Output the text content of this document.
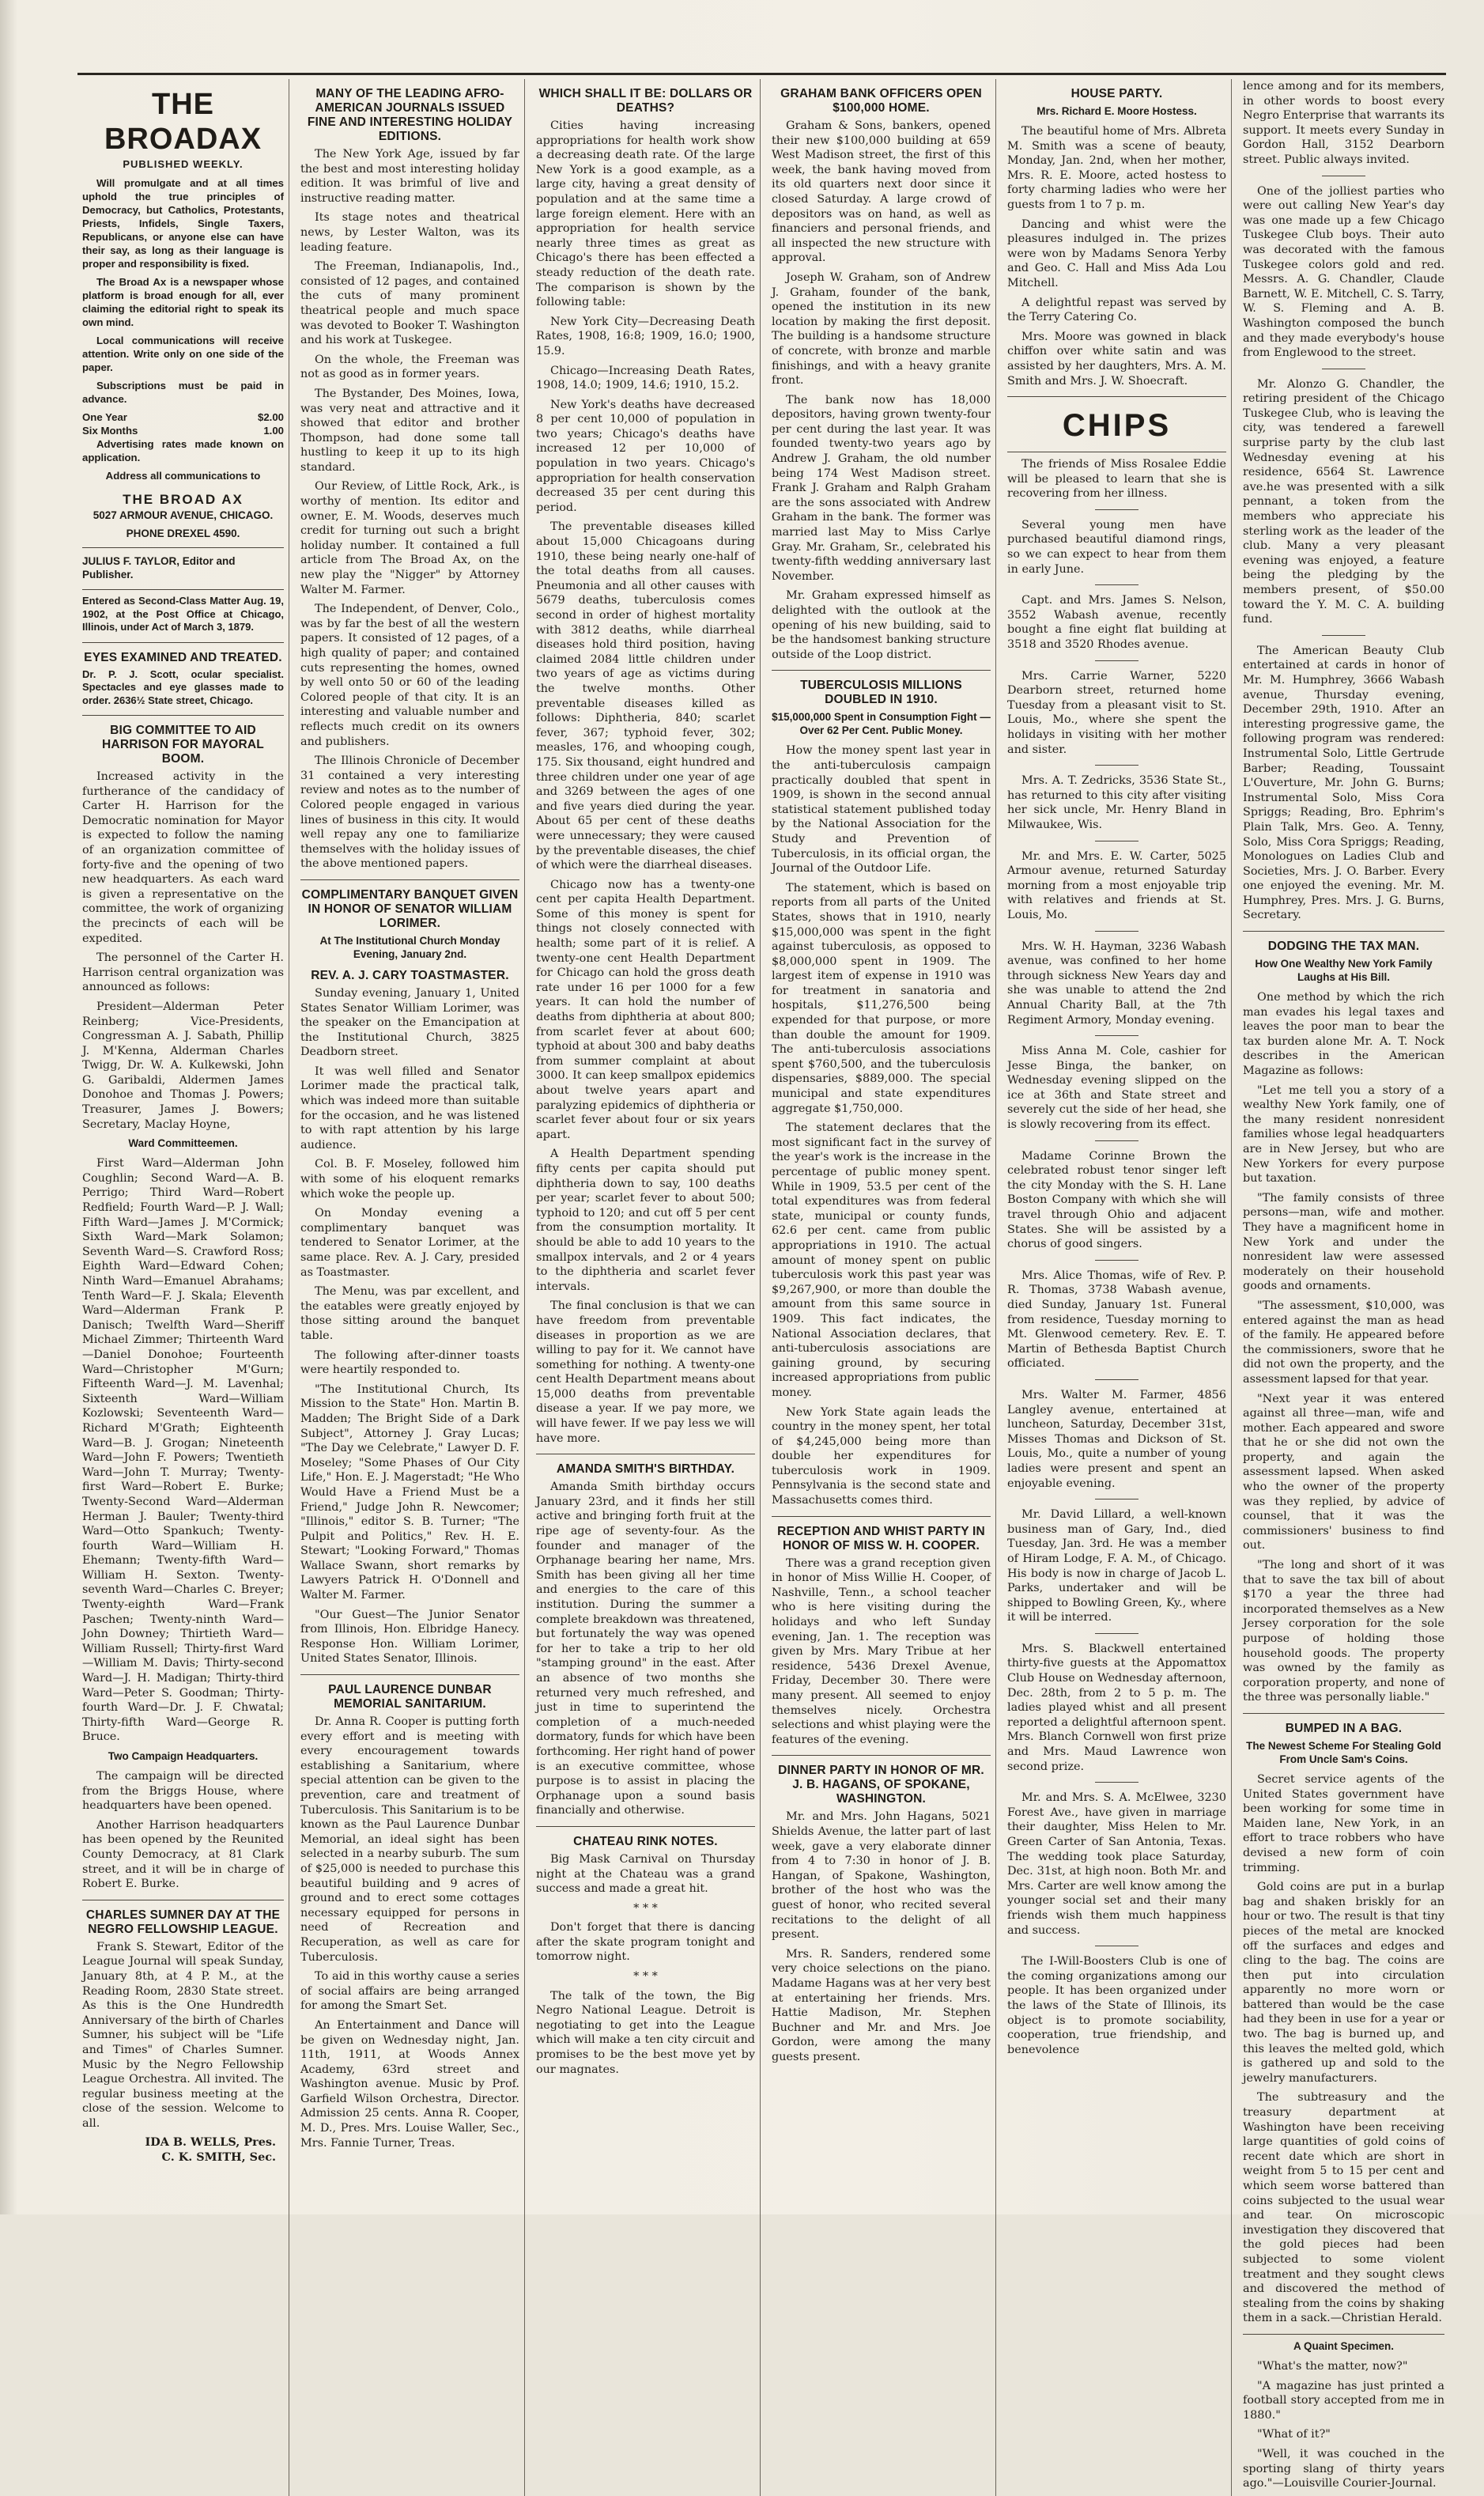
THE BROADAX
PUBLISHED WEEKLY.

Will promulgate and at all times uphold the true principles of Democracy, but Catholics, Protestants, Priests, Infidels, Single Taxers, Republicans, or anyone else can have their say, as long as their language is proper and responsibility is fixed.

The Broad Ax is a newspaper whose platform is broad enough for all, ever claiming the editorial right to speak its own mind.

Local communications will receive attention. Write only on one side of the paper.

Subscriptions must be paid in advance.

One Year	$2.00
Six Months	1.00

Advertising rates made known on application.

Address all communications to

THE BROAD AX
5027 ARMOUR AVENUE, CHICAGO.
PHONE DREXEL 4590.
JULIUS F. TAYLOR, Editor and Publisher.
Entered as Second-Class Matter Aug. 19, 1902, at the Post Office at Chicago, Illinois, under Act of March 3, 1879.
EYES EXAMINED AND TREATED.
Dr. P. J. Scott, ocular specialist. Spectacles and eye glasses made to order. 2636½ State street, Chicago.
BIG COMMITTEE TO AID HARRISON FOR MAYORAL BOOM.

Increased activity in the furtherance of the candidacy of Carter H. Harrison for the Democratic nomination for Mayor is expected to follow the naming of an organization committee of forty-five and the opening of two new headquarters. As each ward is given a representative on the committee, the work of organizing the precincts of each will be expedited.

The personnel of the Carter H. Harrison central organization was announced as follows:

President—Alderman Peter Reinberg; Vice-Presidents, Congressman A. J. Sabath, Phillip J. M'Kenna, Alderman Charles Twigg, Dr. W. A. Kulkewski, John G. Garibaldi, Aldermen James Donohoe and Thomas J. Powers; Treasurer, James J. Bowers; Secretary, Maclay Hoyne,

Ward Committeemen.

First Ward—Alderman John Coughlin; Second Ward—A. B. Perrigo; Third Ward—Robert Redfield; Fourth Ward—P. J. Wall; Fifth Ward—James J. M'Cormick; Sixth Ward—Mark Solamon; Seventh Ward—S. Crawford Ross; Eighth Ward—Edward Cohen; Ninth Ward—Emanuel Abrahams; Tenth Ward—F. J. Skala; Eleventh Ward—Alderman Frank P. Danisch; Twelfth Ward—Sheriff Michael Zimmer; Thirteenth Ward—Daniel Donohoe; Fourteenth Ward—Christopher M'Gurn; Fifteenth Ward—J. M. Lavenhal; Sixteenth Ward—William Kozlowski; Seventeenth Ward—Richard M'Grath; Eighteenth Ward—B. J. Grogan; Nineteenth Ward—John F. Powers; Twentieth Ward—John T. Murray; Twenty-first Ward—Robert E. Burke; Twenty-Second Ward—Alderman Herman J. Bauler; Twenty-third Ward—Otto Spankuch; Twenty-fourth Ward—William H. Ehemann; Twenty-fifth Ward—William H. Sexton. Twenty-seventh Ward—Charles C. Breyer; Twenty-eighth Ward—Frank Paschen; Twenty-ninth Ward—John Downey; Thirtieth Ward—William Russell; Thirty-first Ward—William M. Davis; Thirty-second Ward—J. H. Madigan; Thirty-third Ward—Peter S. Goodman; Thirty-fourth Ward—Dr. J. F. Chwatal; Thirty-fifth Ward—George R. Bruce.

Two Campaign Headquarters.

The campaign will be directed from the Briggs House, where headquarters have been opened.

Another Harrison headquarters has been opened by the Reunited County Democracy, at 81 Clark street, and it will be in charge of Robert E. Burke.

CHARLES SUMNER DAY AT THE NEGRO FELLOWSHIP LEAGUE.

Frank S. Stewart, Editor of the League Journal will speak Sunday, January 8th, at 4 P. M., at the Reading Room, 2830 State street. As this is the One Hundredth Anniversary of the birth of Charles Sumner, his subject will be "Life and Times" of Charles Sumner. Music by the Negro Fellowship League Orchestra. All invited. The regular business meeting at the close of the session. Welcome to all.

IDA B. WELLS, Pres.
C. K. SMITH, Sec.
MANY OF THE LEADING AFRO-AMERICAN JOURNALS ISSUED FINE AND INTERESTING HOLIDAY EDITIONS.

The New York Age, issued by far the best and most interesting holiday edition. It was brimful of live and instructive reading matter.

Its stage notes and theatrical news, by Lester Walton, was its leading feature.

The Freeman, Indianapolis, Ind., consisted of 12 pages, and contained the cuts of many prominent theatrical people and much space was devoted to Booker T. Washington and his work at Tuskegee.

On the whole, the Freeman was not as good as in former years.

The Bystander, Des Moines, Iowa, was very neat and attractive and it showed that editor and brother Thompson, had done some tall hustling to keep it up to its high standard.

Our Review, of Little Rock, Ark., is worthy of mention. Its editor and owner, E. M. Woods, deserves much credit for turning out such a bright holiday number. It contained a full article from The Broad Ax, on the new play the "Nigger" by Attorney Walter M. Farmer.

The Independent, of Denver, Colo., was by far the best of all the western papers. It consisted of 12 pages, of a high quality of paper; and contained cuts representing the homes, owned by well onto 50 or 60 of the leading Colored people of that city. It is an interesting and valuable number and reflects much credit on its owners and publishers.

The Illinois Chronicle of December 31 contained a very interesting review and notes as to the number of Colored people engaged in various lines of business in this city. It would well repay any one to familiarize themselves with the holiday issues of the above mentioned papers.

COMPLIMENTARY BANQUET GIVEN IN HONOR OF SENATOR WILLIAM LORIMER.
At The Institutional Church Monday Evening, January 2nd.
REV. A. J. CARY TOASTMASTER.

Sunday evening, January 1, United States Senator William Lorimer, was the speaker on the Emancipation at the Institutional Church, 3825 Deadborn street.

It was well filled and Senator Lorimer made the practical talk, which was indeed more than suitable for the occasion, and he was listened to with rapt attention by his large audience.

Col. B. F. Moseley, followed him with some of his eloquent remarks which woke the people up.

On Monday evening a complimentary banquet was tendered to Senator Lorimer, at the same place. Rev. A. J. Cary, presided as Toastmaster.

The Menu, was par excellent, and the eatables were greatly enjoyed by those sitting around the banquet table.

The following after-dinner toasts were heartily responded to.

"The Institutional Church, Its Mission to the State" Hon. Martin B. Madden; The Bright Side of a Dark Subject", Attorney J. Gray Lucas; "The Day we Celebrate," Lawyer D. F. Moseley; "Some Phases of Our City Life," Hon. E. J. Magerstadt; "He Who Would Have a Friend Must be a Friend," Judge John R. Newcomer; "Illinois," editor S. B. Turner; "The Pulpit and Politics," Rev. H. E. Stewart; "Looking Forward," Thomas Wallace Swann, short remarks by Lawyers Patrick H. O'Donnell and Walter M. Farmer.

"Our Guest—The Junior Senator from Illinois, Hon. Elbridge Hanecy. Response Hon. William Lorimer, United States Senator, Illinois.

PAUL LAURENCE DUNBAR MEMORIAL SANITARIUM.

Dr. Anna R. Cooper is putting forth every effort and is meeting with every encouragement towards establishing a Sanitarium, where special attention can be given to the prevention, care and treatment of Tuberculosis. This Sanitarium is to be known as the Paul Laurence Dunbar Memorial, an ideal sight has been selected in a nearby suburb. The sum of $25,000 is needed to purchase this beautiful building and 9 acres of ground and to erect some cottages necessary equipped for persons in need of Recreation and Recuperation, as well as care for Tuberculosis.

To aid in this worthy cause a series of social affairs are being arranged for among the Smart Set.

An Entertainment and Dance will be given on Wednesday night, Jan. 11th, 1911, at Woods Annex Academy, 63rd street and Washington avenue. Music by Prof. Garfield Wilson Orchestra, Director. Admission 25 cents. Anna R. Cooper, M. D., Pres. Mrs. Louise Waller, Sec., Mrs. Fannie Turner, Treas.

WHICH SHALL IT BE: DOLLARS OR DEATHS?

Cities having increasing appropriations for health work show a decreasing death rate. Of the large New York is a good example, as a large city, having a great density of population and at the same time a large foreign element. Here with an appropriation for health service nearly three times as great as Chicago's there has been effected a steady reduction of the death rate. The comparison is shown by the following table:

New York City—Decreasing Death Rates, 1908, 16:8; 1909, 16.0; 1900, 15.9.

Chicago—Increasing Death Rates, 1908, 14.0; 1909, 14.6; 1910, 15.2.

New York's deaths have decreased 8 per cent 10,000 of population in two years; Chicago's deaths have increased 12 per 10,000 of population in two years. Chicago's appropriation for health conservation decreased 35 per cent during this period.

The preventable diseases killed about 15,000 Chicagoans during 1910, these being nearly one-half of the total deaths from all causes. Pneumonia and all other causes with 5679 deaths, tuberculosis comes second in order of highest mortality with 3812 deaths, while diarrheal diseases hold third position, having claimed 2084 little children under two years of age as victims during the twelve months. Other preventable diseases killed as follows: Diphtheria, 840; scarlet fever, 367; typhoid fever, 302; measles, 176, and whooping cough, 175. Six thousand, eight hundred and three children under one year of age and 3269 between the ages of one and five years died during the year. About 65 per cent of these deaths were unnecessary; they were caused by the preventable diseases, the chief of which were the diarrheal diseases.

Chicago now has a twenty-one cent per capita Health Department. Some of this money is spent for things not closely connected with health; some part of it is relief. A twenty-one cent Health Department for Chicago can hold the gross death rate under 16 per 1000 for a few years. It can hold the number of deaths from diphtheria at about 800; from scarlet fever at about 600; typhoid at about 300 and baby deaths from summer complaint at about 3000. It can keep smallpox epidemics about twelve years apart and paralyzing epidemics of diphtheria or scarlet fever about four or six years apart.

A Health Department spending fifty cents per capita should put diphtheria down to say, 100 deaths per year; scarlet fever to about 500; typhoid to 120; and cut off 5 per cent from the consumption mortality. It should be able to add 10 years to the smallpox intervals, and 2 or 4 years to the diphtheria and scarlet fever intervals.

The final conclusion is that we can have freedom from preventable diseases in proportion as we are willing to pay for it. We cannot have something for nothing. A twenty-one cent Health Department means about 15,000 deaths from preventable disease a year. If we pay more, we will have fewer. If we pay less we will have more.

AMANDA SMITH'S BIRTHDAY.

Amanda Smith birthday occurs January 23rd, and it finds her still active and bringing forth fruit at the ripe age of seventy-four. As the founder and manager of the Orphanage bearing her name, Mrs. Smith has been giving all her time and energies to the care of this institution. During the summer a complete breakdown was threatened, but fortunately the way was opened for her to take a trip to her old "stamping ground" in the east. After an absence of two months she returned very much refreshed, and just in time to superintend the completion of a much-needed dormatory, funds for which have been forthcoming. Her right hand of power is an executive committee, whose purpose is to assist in placing the Orphanage upon a sound basis financially and otherwise.

CHATEAU RINK NOTES.

Big Mask Carnival on Thursday night at the Chateau was a grand success and made a great hit.

* * *

Don't forget that there is dancing after the skate program tonight and tomorrow night.

* * *

The talk of the town, the Big Negro National League. Detroit is negotiating to get into the League which will make a ten city circuit and promises to be the best move yet by our magnates.

GRAHAM BANK OFFICERS OPEN $100,000 HOME.

Graham & Sons, bankers, opened their new $100,000 building at 659 West Madison street, the first of this week, the bank having moved from its old quarters next door since it closed Saturday. A large crowd of depositors was on hand, as well as financiers and personal friends, and all inspected the new structure with approval.

Joseph W. Graham, son of Andrew J. Graham, founder of the bank, opened the institution in its new location by making the first deposit. The building is a handsome structure of concrete, with bronze and marble finishings, and with a heavy granite front.

The bank now has 18,000 depositors, having grown twenty-four per cent during the last year. It was founded twenty-two years ago by Andrew J. Graham, the old number being 174 West Madison street. Frank J. Graham and Ralph Graham are the sons associated with Andrew Graham in the bank. The former was married last May to Miss Carlye Gray. Mr. Graham, Sr., celebrated his twenty-fifth wedding anniversary last November.

Mr. Graham expressed himself as delighted with the outlook at the opening of his new building, said to be the handsomest banking structure outside of the Loop district.

TUBERCULOSIS MILLIONS DOUBLED IN 1910.
$15,000,000 Spent in Consumption Fight —Over 62 Per Cent. Public Money.

How the money spent last year in the anti-tuberculosis campaign practically doubled that spent in 1909, is shown in the second annual statistical statement published today by the National Association for the Study and Prevention of Tuberculosis, in its official organ, the Journal of the Outdoor Life.

The statement, which is based on reports from all parts of the United States, shows that in 1910, nearly $15,000,000 was spent in the fight against tuberculosis, as opposed to $8,000,000 spent in 1909. The largest item of expense in 1910 was for treatment in sanatoria and hospitals, $11,276,500 being expended for that purpose, or more than double the amount for 1909. The anti-tuberculosis associations spent $760,500, and the tuberculosis dispensaries, $889,000. The special municipal and state expenditures aggregate $1,750,000.

The statement declares that the most significant fact in the survey of the year's work is the increase in the percentage of public money spent. While in 1909, 53.5 per cent of the total expenditures was from federal state, municipal or county funds, 62.6 per cent. came from public appropriations in 1910. The actual amount of money spent on public tuberculosis work this past year was $9,267,900, or more than double the amount from this same source in 1909. This fact indicates, the National Association declares, that anti-tuberculosis associations are gaining ground, by securing increased appropriations from public money.

New York State again leads the country in the money spent, her total of $4,245,000 being more than double her expenditures for tuberculosis work in 1909. Pennsylvania is the second state and Massachusetts comes third.

RECEPTION AND WHIST PARTY IN HONOR OF MISS W. H. COOPER.

There was a grand reception given in honor of Miss Willie H. Cooper, of Nashville, Tenn., a school teacher who is here visiting during the holidays and who left Sunday evening, Jan. 1. The reception was given by Mrs. Mary Tribue at her residence, 5436 Drexel Avenue, Friday, December 30. There were many present. All seemed to enjoy themselves nicely. Orchestra selections and whist playing were the features of the evening.

DINNER PARTY IN HONOR OF MR. J. B. HAGANS, OF SPOKANE, WASHINGTON.

Mr. and Mrs. John Hagans, 5021 Shields Avenue, the latter part of last week, gave a very elaborate dinner from 4 to 7:30 in honor of J. B. Hangan, of Spakone, Washington, brother of the host who was the guest of honor, who recited several recitations to the delight of all present.

Mrs. R. Sanders, rendered some very choice selections on the piano. Madame Hagans was at her very best at entertaining her friends. Mrs. Hattie Madison, Mr. Stephen Buchner and Mr. and Mrs. Joe Gordon, were among the many guests present.

HOUSE PARTY.
Mrs. Richard E. Moore Hostess.

The beautiful home of Mrs. Albreta M. Smith was a scene of beauty, Monday, Jan. 2nd, when her mother, Mrs. R. E. Moore, acted hostess to forty charming ladies who were her guests from 1 to 7 p. m.

Dancing and whist were the pleasures indulged in. The prizes were won by Madams Senora Yerby and Geo. C. Hall and Miss Ada Lou Mitchell.

A delightful repast was served by the Terry Catering Co.

Mrs. Moore was gowned in black chiffon over white satin and was assisted by her daughters, Mrs. A. M. Smith and Mrs. J. W. Shoecraft.

CHIPS

The friends of Miss Rosalee Eddie will be pleased to learn that she is recovering from her illness.

Several young men have purchased beautiful diamond rings, so we can expect to hear from them in early June.

Capt. and Mrs. James S. Nelson, 3552 Wabash avenue, recently bought a fine eight flat building at 3518 and 3520 Rhodes avenue.

Mrs. Carrie Warner, 5220 Dearborn street, returned home Tuesday from a pleasant visit to St. Louis, Mo., where she spent the holidays in visiting with her mother and sister.

Mrs. A. T. Zedricks, 3536 State St., has returned to this city after visiting her sick uncle, Mr. Henry Bland in Milwaukee, Wis.

Mr. and Mrs. E. W. Carter, 5025 Armour avenue, returned Saturday morning from a most enjoyable trip with relatives and friends at St. Louis, Mo.

Mrs. W. H. Hayman, 3236 Wabash avenue, was confined to her home through sickness New Years day and she was unable to attend the 2nd Annual Charity Ball, at the 7th Regiment Armory, Monday evening.

Miss Anna M. Cole, cashier for Jesse Binga, the banker, on Wednesday evening slipped on the ice at 36th and State street and severely cut the side of her head, she is slowly recovering from its effect.

Madame Corinne Brown the celebrated robust tenor singer left the city Monday with the S. H. Lane Boston Company with which she will travel through Ohio and adjacent States. She will be assisted by a chorus of good singers.

Mrs. Alice Thomas, wife of Rev. P. R. Thomas, 3738 Wabash avenue, died Sunday, January 1st. Funeral from residence, Tuesday morning to Mt. Glenwood cemetery. Rev. E. T. Martin of Bethesda Baptist Church officiated.

Mrs. Walter M. Farmer, 4856 Langley avenue, entertained at luncheon, Saturday, December 31st, Misses Thomas and Dickson of St. Louis, Mo., quite a number of young ladies were present and spent an enjoyable evening.

Mr. David Lillard, a well-known business man of Gary, Ind., died Tuesday, Jan. 3rd. He was a member of Hiram Lodge, F. A. M., of Chicago. His body is now in charge of Jacob L. Parks, undertaker and will be shipped to Bowling Green, Ky., where it will be interred.

Mrs. S. Blackwell entertained thirty-five guests at the Appomattox Club House on Wednesday afternoon, Dec. 28th, from 2 to 5 p. m. The ladies played whist and all present reported a delightful afternoon spent. Mrs. Blanch Cornwell won first prize and Mrs. Maud Lawrence won second prize.

Mr. and Mrs. S. A. McElwee, 3230 Forest Ave., have given in marriage their daughter, Miss Helen to Mr. Green Carter of San Antonia, Texas. The wedding took place Saturday, Dec. 31st, at high noon. Both Mr. and Mrs. Carter are well know among the younger social set and their many friends wish them much happiness and success.

The I-Will-Boosters Club is one of the coming organizations among our people. It has been organized under the laws of the State of Illinois, its object is to promote sociability, cooperation, true friendship, and benevolence

lence among and for its members, in other words to boost every Negro Enterprise that warrants its support. It meets every Sunday in Gordon Hall, 3152 Dearborn street. Public always invited.

One of the jolliest parties who were out calling New Year's day was one made up a few Chicago Tuskegee Club boys. Their auto was decorated with the famous Tuskegee colors gold and red. Messrs. A. G. Chandler, Claude Barnett, W. E. Mitchell, C. S. Tarry, W. S. Fleming and A. B. Washington composed the bunch and they made everybody's house from Englewood to the street.

Mr. Alonzo G. Chandler, the retiring president of the Chicago Tuskegee Club, who is leaving the city, was tendered a farewell surprise party by the club last Wednesday evening at his residence, 6564 St. Lawrence ave.he was presented with a silk pennant, a token from the members who appreciate his sterling work as the leader of the club. Many a very pleasant evening was enjoyed, a feature being the pledging by the members present, of $50.00 toward the Y. M. C. A. building fund.

The American Beauty Club entertained at cards in honor of Mr. M. Humphrey, 3666 Wabash avenue, Thursday evening, December 29th, 1910. After an interesting progressive game, the following program was rendered: Instrumental Solo, Little Gertrude Barber; Reading, Toussaint L'Ouverture, Mr. John G. Burns; Instrumental Solo, Miss Cora Spriggs; Reading, Bro. Ephrim's Plain Talk, Mrs. Geo. A. Tenny, Solo, Miss Cora Spriggs; Reading, Monologues on Ladies Club and Societies, Mrs. J. O. Barber. Every one enjoyed the evening. Mr. M. Humphrey, Pres. Mrs. J. G. Burns, Secretary.

DODGING THE TAX MAN.
How One Wealthy New York Family Laughs at His Bill.

One method by which the rich man evades his legal taxes and leaves the poor man to bear the tax burden alone Mr. A. T. Nock describes in the American Magazine as follows:

"Let me tell you a story of a wealthy New York family, one of the many resident nonresident families whose legal headquarters are in New Jersey, but who are New Yorkers for every purpose but taxation.

"The family consists of three persons—man, wife and mother. They have a magnificent home in New York and under the nonresident law were assessed moderately on their household goods and ornaments.

"The assessment, $10,000, was entered against the man as head of the family. He appeared before the commissioners, swore that he did not own the property, and the assessment lapsed for that year.

"Next year it was entered against all three—man, wife and mother. Each appeared and swore that he or she did not own the property, and again the assessment lapsed. When asked who the owner of the property was they replied, by advice of counsel, that it was the commissioners' business to find out.

"The long and short of it was that to save the tax bill of about $170 a year the three had incorporated themselves as a New Jersey corporation for the sole purpose of holding those household goods. The property was owned by the family as corporation property, and none of the three was personally liable."

BUMPED IN A BAG.
The Newest Scheme For Stealing Gold From Uncle Sam's Coins.

Secret service agents of the United States government have been working for some time in Maiden lane, New York, in an effort to trace robbers who have devised a new form of coin trimming.

Gold coins are put in a burlap bag and shaken briskly for an hour or two. The result is that tiny pieces of the metal are knocked off the surfaces and edges and cling to the bag. The coins are then put into circulation apparently no more worn or battered than would be the case had they been in use for a year or two. The bag is burned up, and this leaves the melted gold, which is gathered up and sold to the jewelry manufacturers.

The subtreasury and the treasury department at Washington have been receiving large quantities of gold coins of recent date which are short in weight from 5 to 15 per cent and which seem worse battered than coins subjected to the usual wear and tear. On microscopic investigation they discovered that the gold pieces had been subjected to some violent treatment and they sought clews and discovered the method of stealing from the coins by shaking them in a sack.—Christian Herald.

A Quaint Specimen.

"What's the matter, now?"

"A magazine has just printed a football story accepted from me in 1880."

"What of it?"

"Well, it was couched in the sporting slang of thirty years ago."—Louisville Courier-Journal.
